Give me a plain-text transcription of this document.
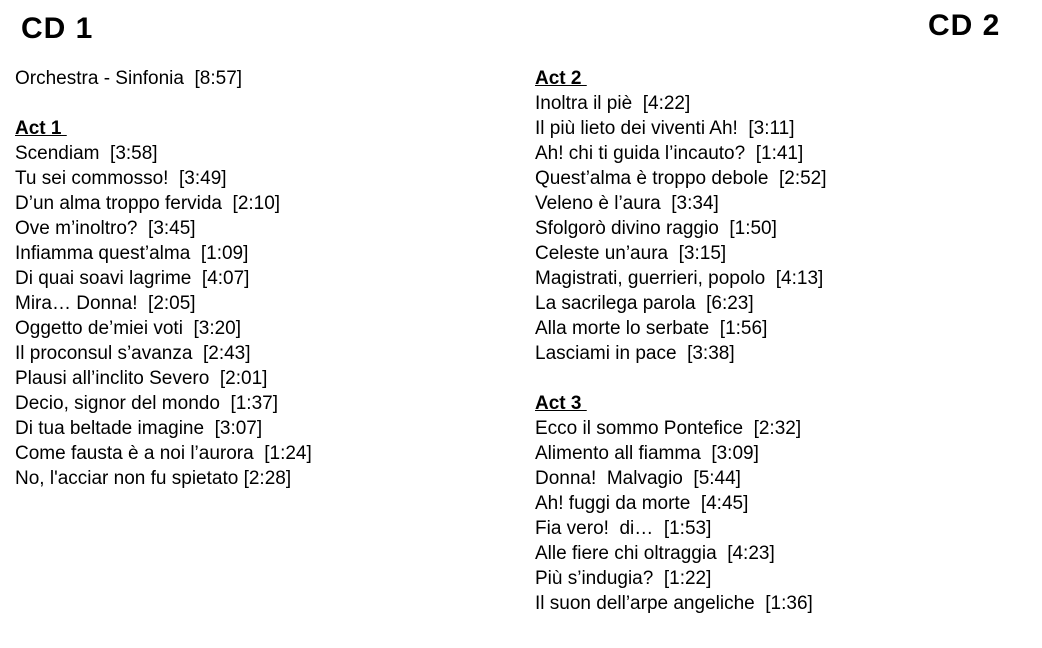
CD 1	CD 2
Orchestra - Sinfonia  [8:57]
Act 1
Scendiam  [3:58]
Tu sei commosso!  [3:49]
D’un alma troppo fervida  [2:10]
Ove m’inoltro?  [3:45]
Infiamma quest’alma  [1:09]
Di quai soavi lagrime  [4:07]
Mira… Donna!  [2:05]
Oggetto de’miei voti  [3:20]
Il proconsul s’avanza  [2:43]
Plausi all’inclito Severo  [2:01]
Decio, signor del mondo  [1:37]
Di tua beltade imagine  [3:07]
Come fausta è a noi l’aurora  [1:24]
No, l'acciar non fu spietato [2:28]
Act 2
Inoltra il piè  [4:22]
Il più lieto dei viventi Ah!  [3:11]
Ah! chi ti guida l’incauto?  [1:41]
Quest’alma è troppo debole  [2:52]
Veleno è l’aura  [3:34]
Sfolgorò divino raggio  [1:50]
Celeste un’aura  [3:15]
Magistrati, guerrieri, popolo  [4:13]
La sacrilega parola  [6:23]
Alla morte lo serbate  [1:56]
Lasciami in pace  [3:38]
Act 3
Ecco il sommo Pontefice  [2:32]
Alimento all fiamma  [3:09]
Donna!  Malvagio  [5:44]
Ah! fuggi da morte  [4:45]
Fia vero!  di…  [1:53]
Alle fiere chi oltraggia  [4:23]
Più s’indugia?  [1:22]
Il suon dell’arpe angeliche  [1:36]
